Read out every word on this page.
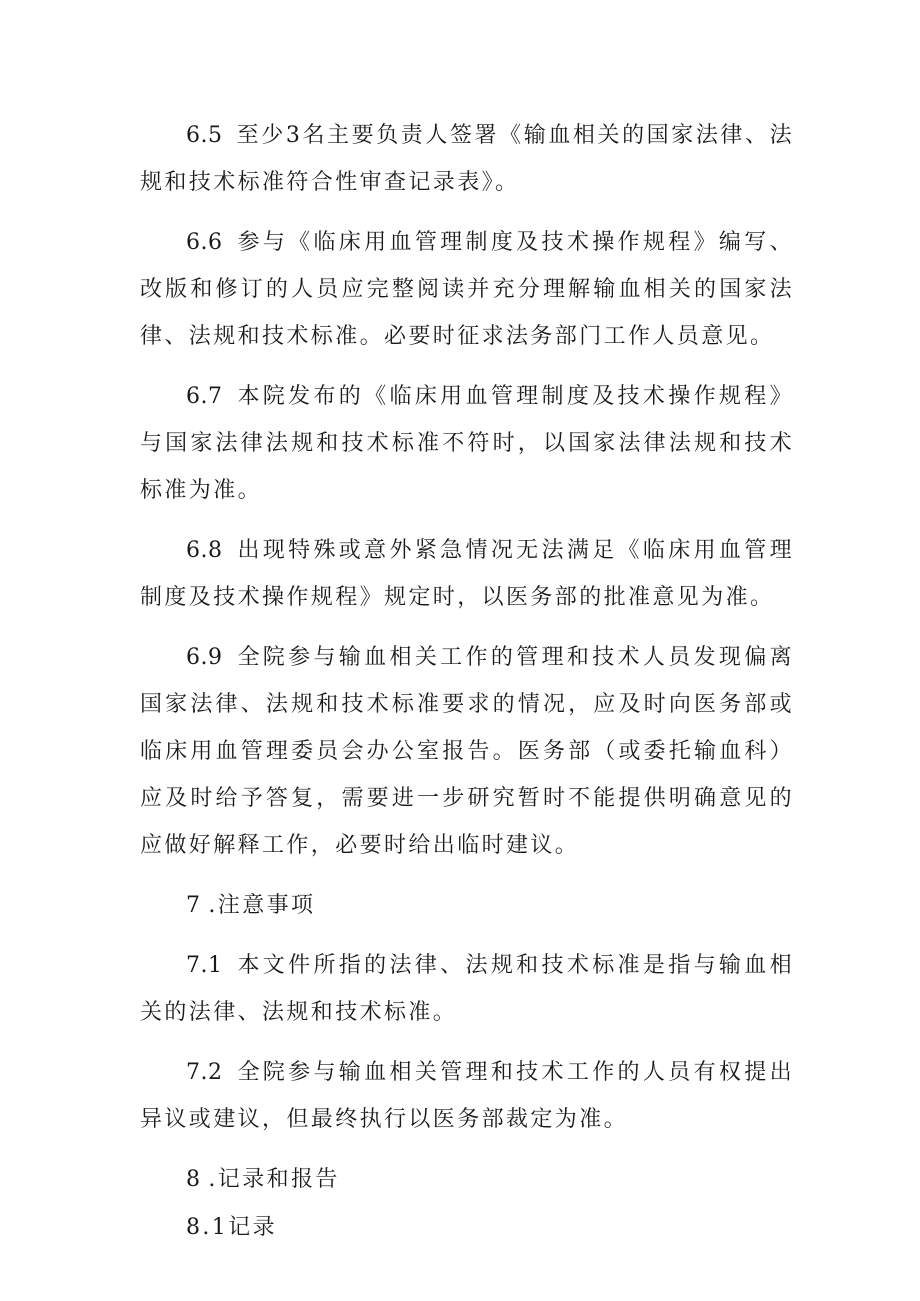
6.5 至少3名主要负责人签署《输血相关的国家法律、法规和技术标准符合性审查记录表》。

6.6 参与《临床用血管理制度及技术操作规程》编写、改版和修订的人员应完整阅读并充分理解输血相关的国家法律、法规和技术标准。必要时征求法务部门工作人员意见。

6.7 本院发布的《临床用血管理制度及技术操作规程》与国家法律法规和技术标准不符时，以国家法律法规和技术标准为准。

6.8 出现特殊或意外紧急情况无法满足《临床用血管理制度及技术操作规程》规定时，以医务部的批准意见为准。

6.9 全院参与输血相关工作的管理和技术人员发现偏离国家法律、法规和技术标准要求的情况，应及时向医务部或临床用血管理委员会办公室报告。医务部（或委托输血科）应及时给予答复，需要进一步研究暂时不能提供明确意见的应做好解释工作，必要时给出临时建议。

7 .注意事项

7.1 本文件所指的法律、法规和技术标准是指与输血相关的法律、法规和技术标准。

7.2 全院参与输血相关管理和技术工作的人员有权提出异议或建议，但最终执行以医务部裁定为准。

8 .记录和报告

8.1记录
